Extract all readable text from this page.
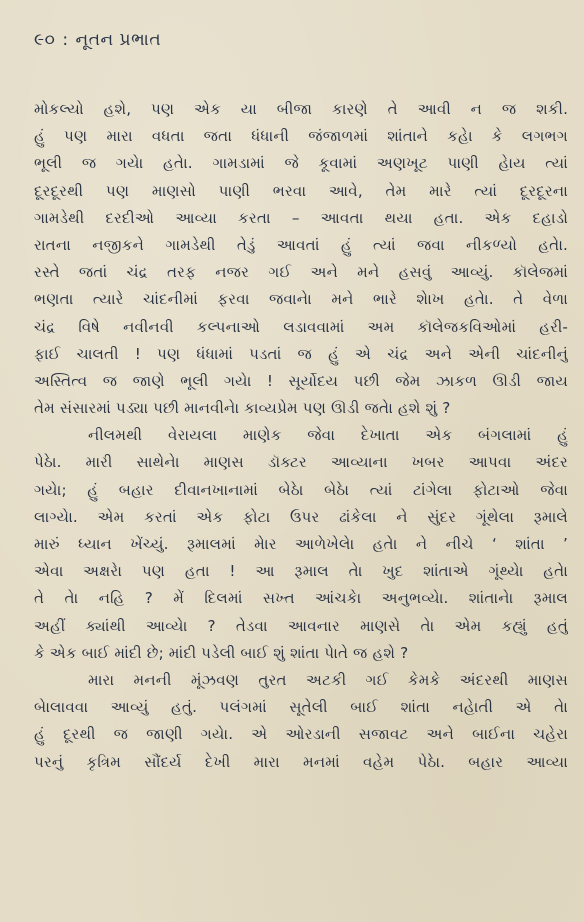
૯૦ : નૂતન પ્રભાત
મોકલ્યો હશે, પણ એક યા બીજા કારણે તે આવી ન જ શકી.
હું પણ મારા વધતા જતા ધંધાની જંજાળમાં શાંતાને કહેા કે લગભગ
ભૂલી જ ગયેા હતેા. ગામડામાં જે કૂવામાં અણખૂટ પાણી હેાય ત્યાં
દૂરદૂરથી પણ માણસો પાણી ભરવા આવે, તેમ મારે ત્યાં દૂરદૂરના
ગામડેથી દરદીઓ આવ્યા કરતા – આવતા થયા હતા. એક દહાડો
રાતના નજીકને ગામડેથી તેડું આવતાં હું ત્યાં જવા નીકળ્યો હતેા.
રસ્તે જતાં ચંદ્ર તરફ નજર ગઈ અને મને હસવું આવ્યું. કૉલેજમાં
ભણતા ત્યારે ચાંદનીમાં ફરવા જવાનેા મને ભારે શેાખ હતેા. તે વેળા
ચંદ્ર વિષે નવીનવી કલ્પનાઓ લડાવવામાં અમ કૉલેજકવિઓમાં હરી-
ફાઈ ચાલતી ! પણ ધંધામાં પડતાં જ હું એ ચંદ્ર અને એની ચાંદનીનું
અસ્તિત્વ જ જાણે ભૂલી ગયેા ! સૂર્યોદય પછી જેમ ઝાકળ ઊડી જાય
તેમ સંસારમાં પડ્યા પછી માનવીનેા કાવ્યપ્રેમ પણ ઊડી જતેા હશે શું ?
નીલમથી વેરાયલા માણેક જેવા દેખાતા એક બંગલામાં હું
પેઠેા. મારી સાથેનેા માણસ ડૉક્ટર આવ્યાના ખબર આપવા અંદર
ગયેા; હું બહાર દીવાનખાનામાં બેઠેા બેઠેા ત્યાં ટાંગેલા ફોટાઓ જેવા
લાગ્યેા. એમ કરતાં એક ફોટા ઉપર ઢાંકેલા ને સુંદર ગૂંથેલા રૂમાલે
મારું ધ્યાન ખેંચ્યું. રૂમાલમાં મેાર આળેખેલેા હતેા ને નીચે ‘ શાંતા ’
એવા અક્ષરેા પણ હતા ! આ રૂમાલ તેા ખુદ શાંતાએ ગૂંથ્યેા હતેા
તે તેા નહિ ? મેં દિલમાં સખ્ત આંચકેા અનુભવ્યેા. શાંતાનેા રૂમાલ
અહીં ક્યાંથી આવ્યેા ? તેડવા આવનાર માણસે તેા એમ કહ્યું હતું
કે એક બાઈ માંદી છે; માંદી પડેલી બાઈ શું શાંતા પેાતે જ હશે ?
મારા મનની મૂંઝવણ તુરત અટકી ગઈ કેમકે અંદરથી માણસ
બેાલાવવા આવ્યું હતું. પલંગમાં સૂતેલી બાઈ શાંતા નહેાતી એ તેા
હું દૂરથી જ જાણી ગયેા. એ ઓરડાની સજાવટ અને બાઈના ચહેરા
પરનું કૃત્રિમ સૌંદર્ય દેખી મારા મનમાં વહેમ પેઠેા. બહાર આવ્યા
